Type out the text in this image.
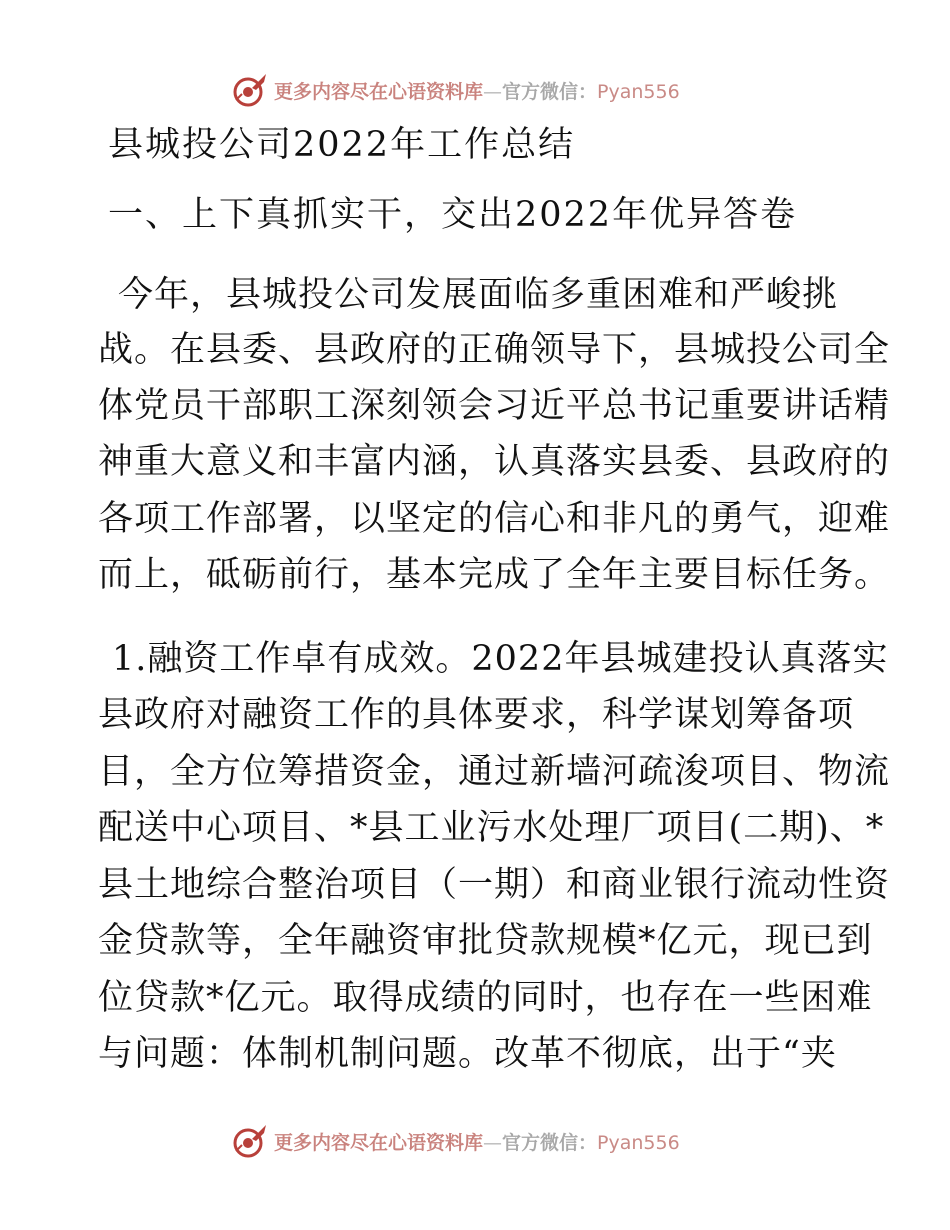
更多内容尽在心语资料库—官方微信：Pyan556
县城投公司2022年工作总结
一、上下真抓实干，交出2022年优异答卷
今年，县城投公司发展面临多重困难和严峻挑
战。在县委、县政府的正确领导下，县城投公司全
体党员干部职工深刻领会习近平总书记重要讲话精
神重大意义和丰富内涵，认真落实县委、县政府的
各项工作部署，以坚定的信心和非凡的勇气，迎难
而上，砥砺前行，基本完成了全年主要目标任务。
1.融资工作卓有成效。2022年县城建投认真落实
县政府对融资工作的具体要求，科学谋划筹备项
目，全方位筹措资金，通过新墙河疏浚项目、物流
配送中心项目、*县工业污水处理厂项目(二期)、*
县土地综合整治项目（一期）和商业银行流动性资
金贷款等，全年融资审批贷款规模*亿元，现已到
位贷款*亿元。取得成绩的同时，也存在一些困难
与问题：体制机制问题。改革不彻底，出于“夹
更多内容尽在心语资料库—官方微信：Pyan556
